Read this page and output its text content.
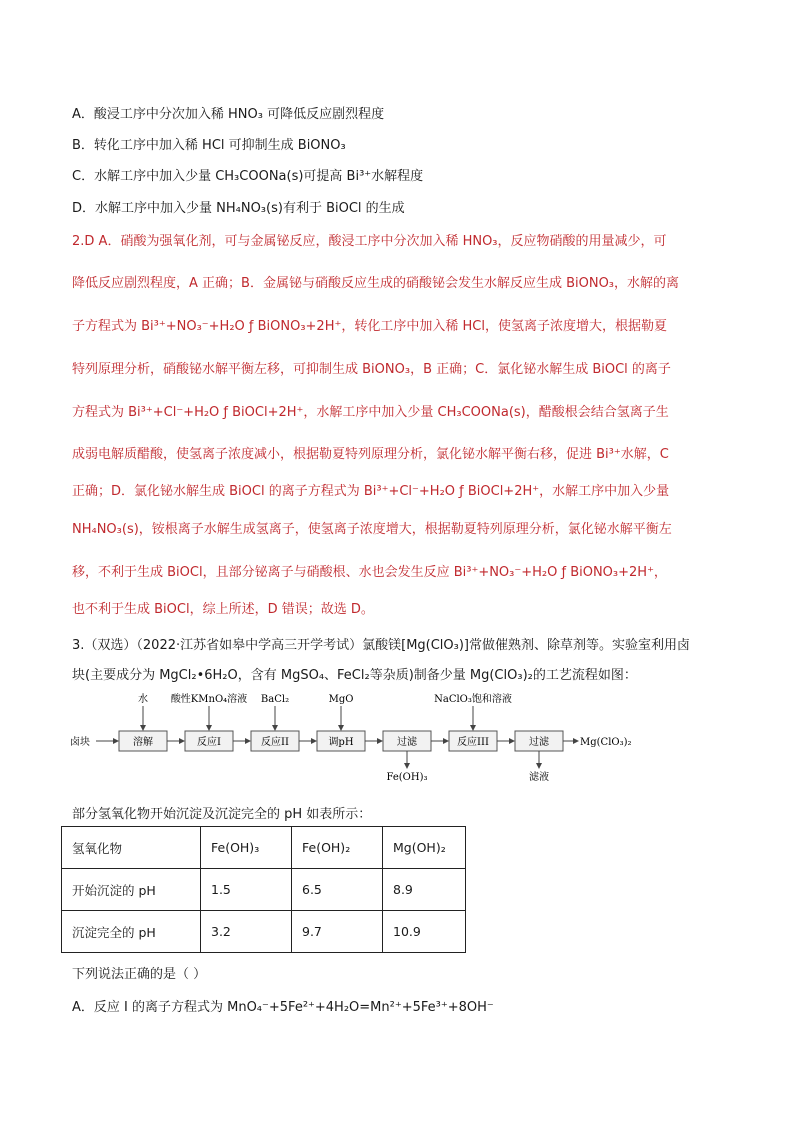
A．酸浸工序中分次加入稀 HNO₃ 可降低反应剧烈程度
B．转化工序中加入稀 HCl 可抑制生成 BiONO₃
C．水解工序中加入少量 CH₃COONa(s)可提高 Bi³⁺水解程度
D．水解工序中加入少量 NH₄NO₃(s)有利于 BiOCl 的生成
2.D A．硝酸为强氧化剂，可与金属铋反应，酸浸工序中分次加入稀 HNO₃，反应物硝酸的用量减少，可
降低反应剧烈程度，A 正确；B．金属铋与硝酸反应生成的硝酸铋会发生水解反应生成 BiONO₃，水解的离
子方程式为 Bi³⁺+NO₃⁻+H₂O ƒ BiONO₃+2H⁺，转化工序中加入稀 HCl，使氢离子浓度增大，根据勒夏
特列原理分析，硝酸铋水解平衡左移，可抑制生成 BiONO₃，B 正确；C．氯化铋水解生成 BiOCl 的离子
方程式为 Bi³⁺+Cl⁻+H₂O ƒ BiOCl+2H⁺，水解工序中加入少量 CH₃COONa(s)，醋酸根会结合氢离子生
成弱电解质醋酸，使氢离子浓度减小，根据勒夏特列原理分析，氯化铋水解平衡右移，促进 Bi³⁺水解，C
正确；D．氯化铋水解生成 BiOCl 的离子方程式为 Bi³⁺+Cl⁻+H₂O ƒ BiOCl+2H⁺，水解工序中加入少量
NH₄NO₃(s)，铵根离子水解生成氢离子，使氢离子浓度增大，根据勒夏特列原理分析，氯化铋水解平衡左
移，不利于生成 BiOCl，且部分铋离子与硝酸根、水也会发生反应 Bi³⁺+NO₃⁻+H₂O ƒ BiONO₃+2H⁺，
也不利于生成 BiOCl，综上所述，D 错误；故选 D。
3.（双选）（2022·江苏省如皋中学高三开学考试）氯酸镁[Mg(ClO₃)]常做催熟剂、除草剂等。实验室利用卤
块(主要成分为 MgCl₂•6H₂O，含有 MgSO₄、FeCl₂等杂质)制备少量 Mg(ClO₃)₂的工艺流程如图：
卤块	溶解	反应I	反应II	调pH	过滤	反应III	过滤	Mg(ClO₃)₂
水 酸性KMnO₄溶液 BaCl₂	MgO	NaClO₃饱和溶液
Fe(OH)₃	滤液
部分氢氧化物开始沉淀及沉淀完全的 pH 如表所示：
氢氧化物	Fe(OH)₃	Fe(OH)₂	Mg(OH)₂
开始沉淀的 pH	1.5	6.5	8.9
沉淀完全的 pH	3.2	9.7	10.9
下列说法正确的是（ ）
A．反应 I 的离子方程式为 MnO₄⁻+5Fe²⁺+4H₂O=Mn²⁺+5Fe³⁺+8OH⁻
